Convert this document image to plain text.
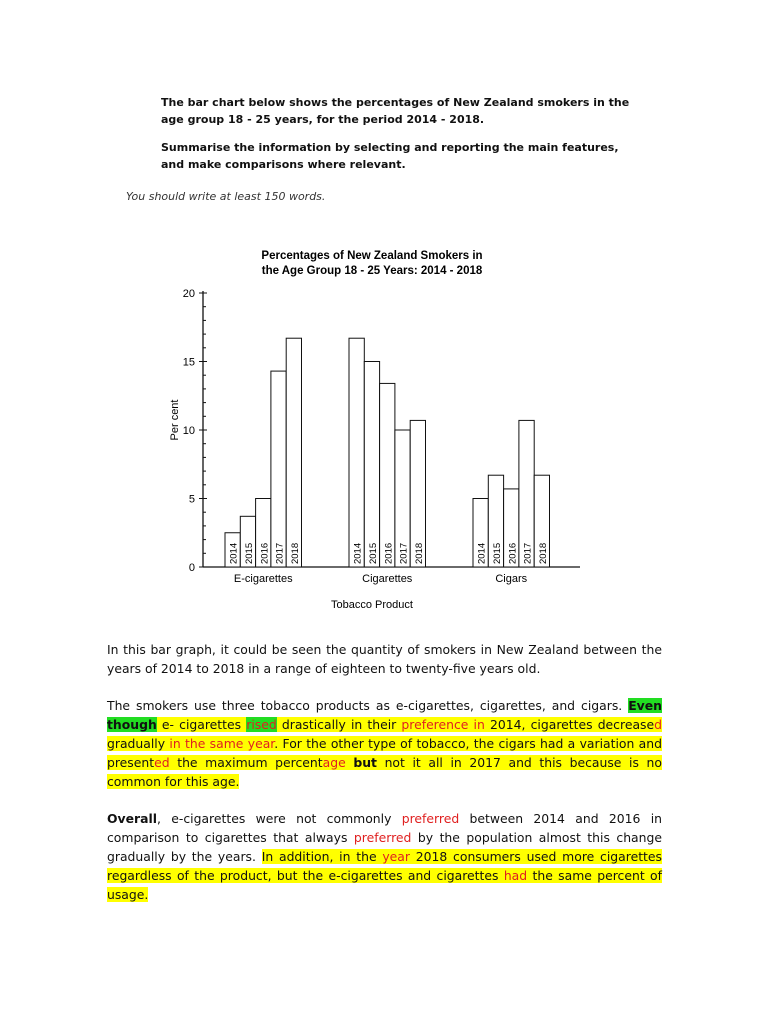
The bar chart below shows the percentages of New Zealand smokers in the age group 18 - 25 years, for the period 2014 - 2018.

Summarise the information by selecting and reporting the main features, and make comparisons where relevant.

You should write at least 150 words.
Percentages of New Zealand Smokers in
the Age Group 18 - 25 Years: 2014 - 2018
0
5
10
15
20
Per cent
2014 2015 2016 2017 2018
E-cigarettes
2014 2015 2016 2017 2018
Cigarettes
2014 2015 2016 2017 2018
Cigars
Tobacco Product

In this bar graph, it could be seen the quantity of smokers in New Zealand between the years of 2014 to 2018 in a range of eighteen to twenty-five years old.

The smokers use three tobacco products as e-cigarettes, cigarettes, and cigars. Even though e- cigarettes rised drastically in their preference in 2014, cigarettes decreased gradually in the same year. For the other type of tobacco, the cigars had a variation and presented the maximum percentage but not it all in 2017 and this because is no common for this age.

Overall, e-cigarettes were not commonly preferred between 2014 and 2016 in comparison to cigarettes that always preferred by the population almost this change gradually by the years. In addition, in the year 2018 consumers used more cigarettes regardless of the product, but the e-cigarettes and cigarettes had the same percent of usage.
